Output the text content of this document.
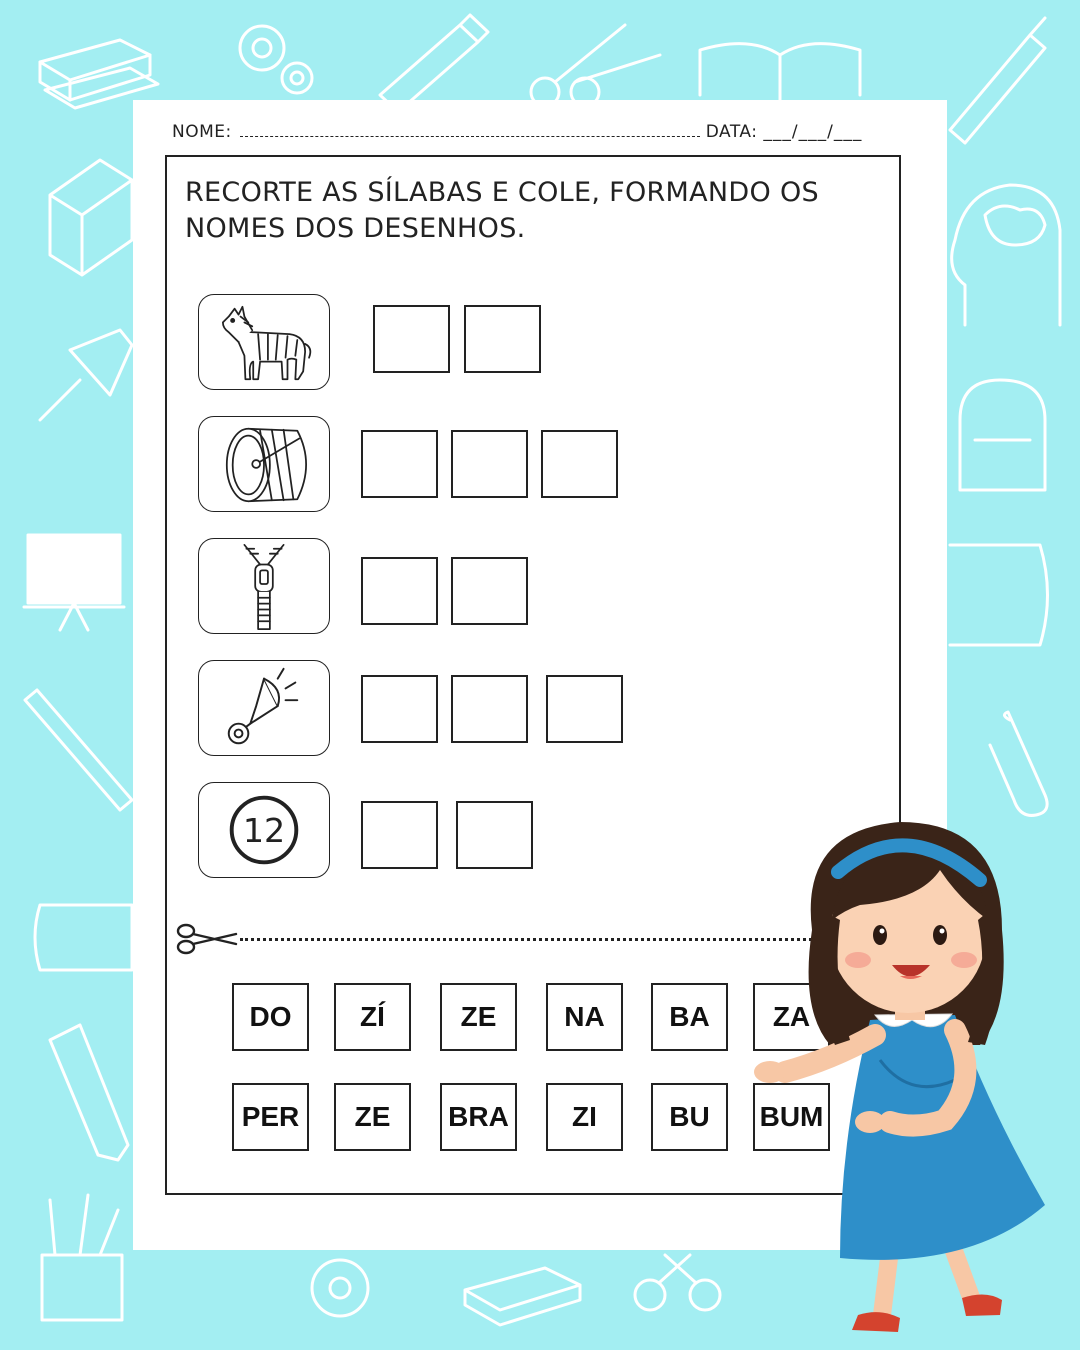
NOME:	DATA: ___/___/___
RECORTE AS SÍLABAS E COLE, FORMANDO OS
NOMES DOS DESENHOS.
12
DO	ZÍ	ZE	NA	BA	ZA
PER	ZE	BRA	ZI	BU	BUM
